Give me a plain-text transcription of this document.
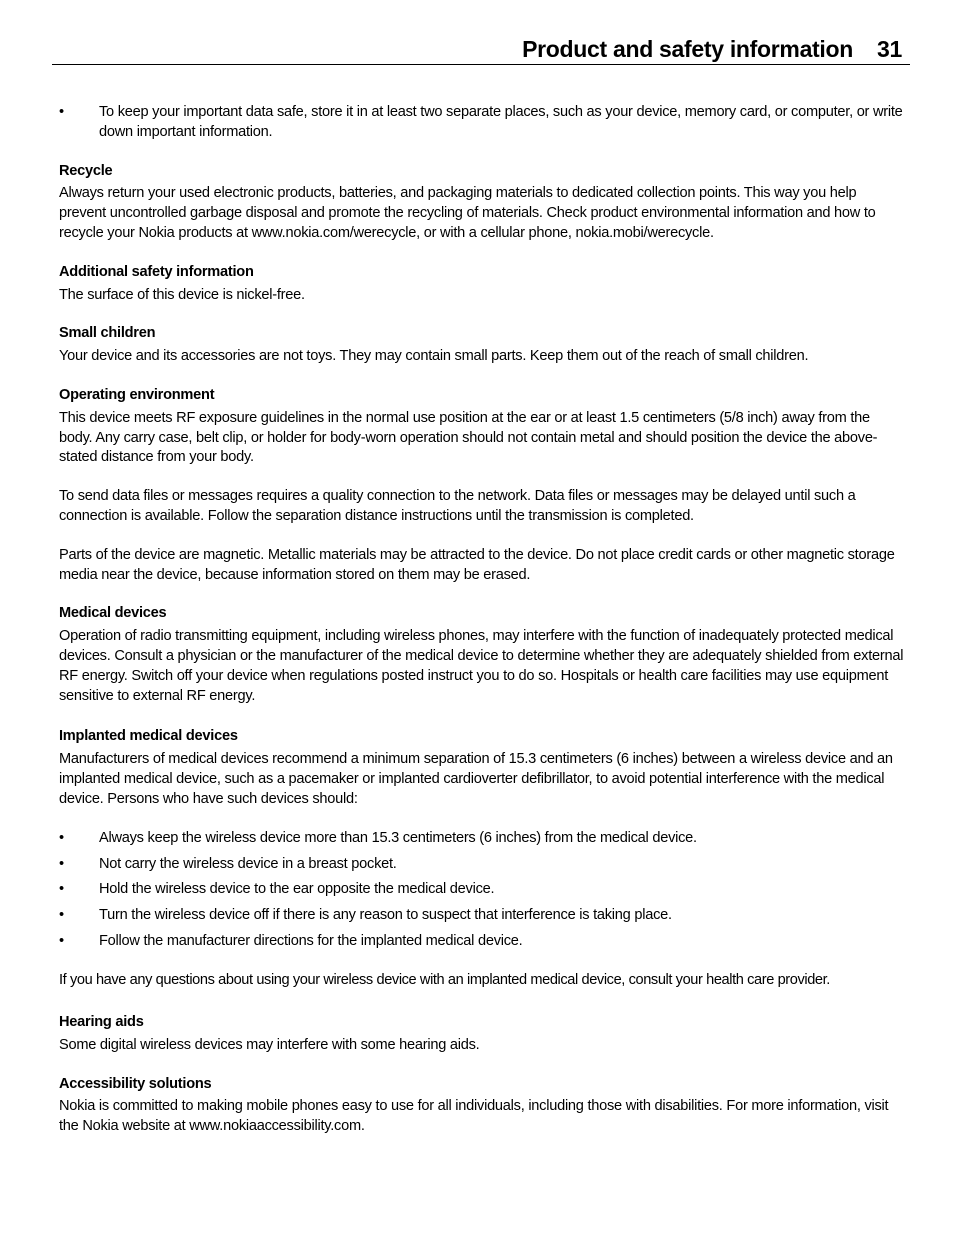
Product and safety information 31
• To keep your important data safe, store it in at least two separate places, such as your device, memory card, or computer, or write down important information.
Recycle

Always return your used electronic products, batteries, and packaging materials to dedicated collection points. This way you help prevent uncontrolled garbage disposal and promote the recycling of materials. Check product environmental information and how to recycle your Nokia products at www.nokia.com/werecycle, or with a cellular phone, nokia.mobi/werecycle.

Additional safety information

The surface of this device is nickel-free.

Small children

Your device and its accessories are not toys. They may contain small parts. Keep them out of the reach of small children.

Operating environment

This device meets RF exposure guidelines in the normal use position at the ear or at least 1.5 centimeters (5/8 inch) away from the body. Any carry case, belt clip, or holder for body-worn operation should not contain metal and should position the device the above-stated distance from your body.

To send data files or messages requires a quality connection to the network. Data files or messages may be delayed until such a connection is available. Follow the separation distance instructions until the transmission is completed.

Parts of the device are magnetic. Metallic materials may be attracted to the device. Do not place credit cards or other magnetic storage media near the device, because information stored on them may be erased.

Medical devices

Operation of radio transmitting equipment, including wireless phones, may interfere with the function of inadequately protected medical devices. Consult a physician or the manufacturer of the medical device to determine whether they are adequately shielded from external RF energy. Switch off your device when regulations posted instruct you to do so. Hospitals or health care facilities may use equipment sensitive to external RF energy.

Implanted medical devices

Manufacturers of medical devices recommend a minimum separation of 15.3 centimeters (6 inches) between a wireless device and an implanted medical device, such as a pacemaker or implanted cardioverter defibrillator, to avoid potential interference with the medical device. Persons who have such devices should:

• Always keep the wireless device more than 15.3 centimeters (6 inches) from the medical device.
• Not carry the wireless device in a breast pocket.
• Hold the wireless device to the ear opposite the medical device.
• Turn the wireless device off if there is any reason to suspect that interference is taking place.
• Follow the manufacturer directions for the implanted medical device.

If you have any questions about using your wireless device with an implanted medical device, consult your health care provider.

Hearing aids

Some digital wireless devices may interfere with some hearing aids.

Accessibility solutions

Nokia is committed to making mobile phones easy to use for all individuals, including those with disabilities. For more information, visit the Nokia website at www.nokiaaccessibility.com.
